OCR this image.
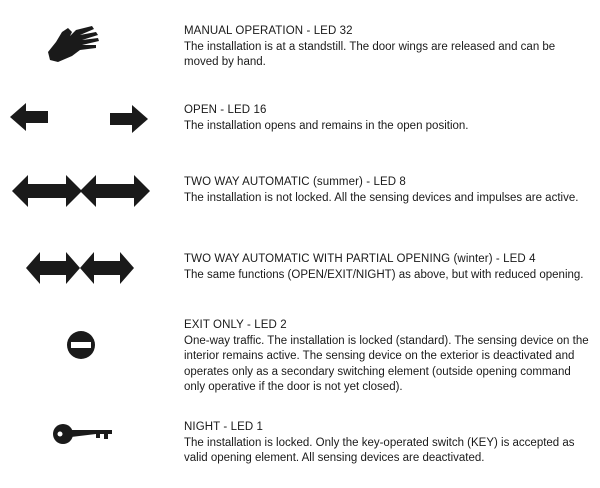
MANUAL OPERATION - LED 32

The installation is at a standstill. The door wings are released and can be moved by hand.

OPEN - LED 16

The installation opens and remains in the open position.

TWO WAY AUTOMATIC (summer) - LED 8

The installation is not locked. All the sensing devices and impulses are active.

TWO WAY AUTOMATIC WITH PARTIAL OPENING (winter) - LED 4

The same functions (OPEN/EXIT/NIGHT) as above, but with reduced opening.

EXIT ONLY - LED 2

One-way traffic. The installation is locked (standard). The sensing device on the interior remains active. The sensing device on the exterior is deactivated and operates only as a secondary switching element (outside opening command only operative if the door is not yet closed).

NIGHT - LED 1

The installation is locked. Only the key-operated switch (KEY) is accepted as valid opening element. All sensing devices are deactivated.
